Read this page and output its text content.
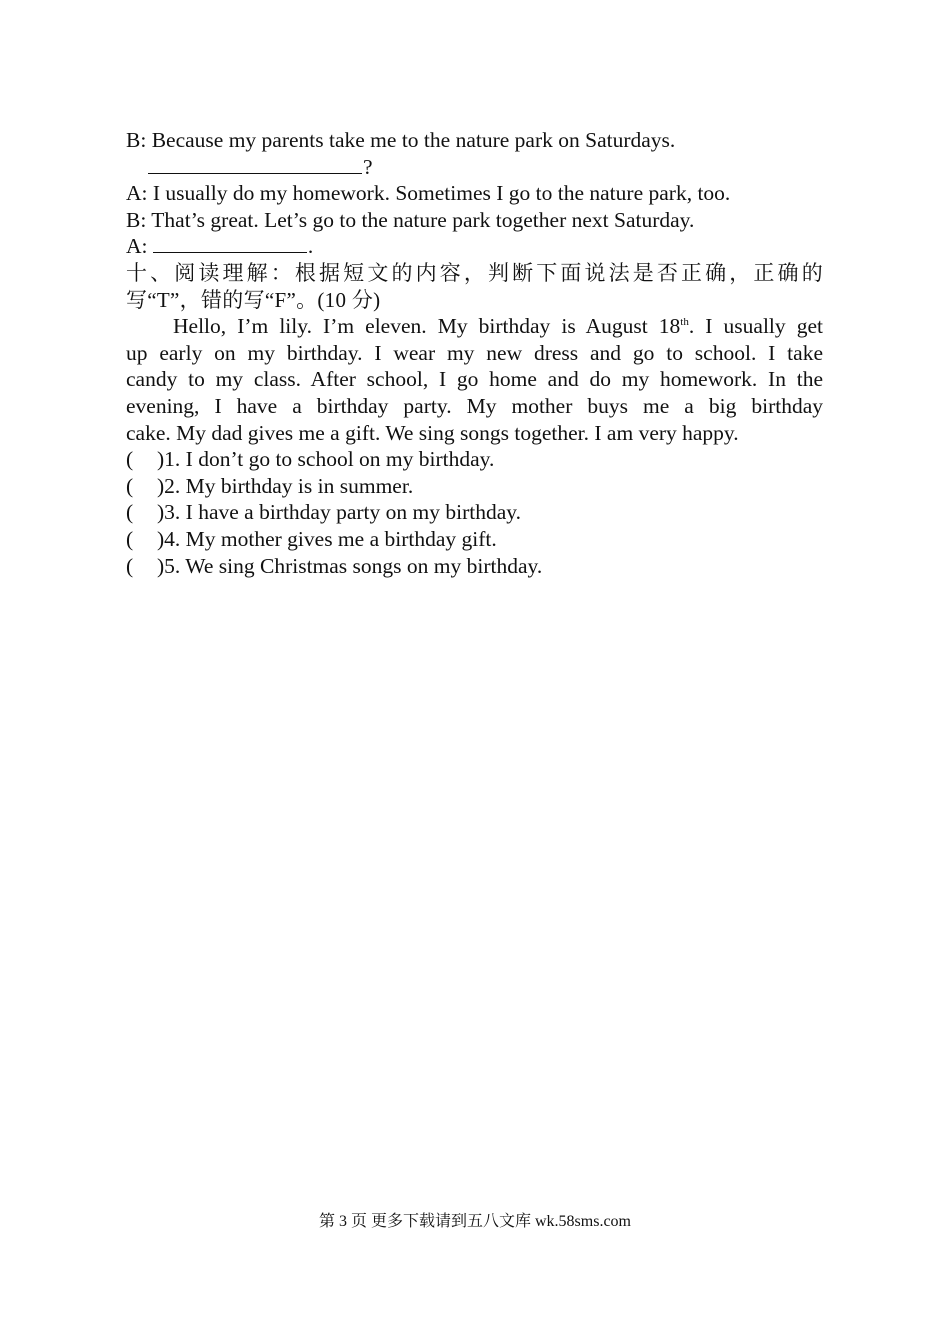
B: Because my parents take me to the nature park on Saturdays.
?
A: I usually do my homework. Sometimes I go to the nature park, too.
B: That’s great. Let’s go to the nature park together next Saturday.
A:	.
十、阅读理解：根据短文的内容，判断下面说法是否正确，正确的
写“T”，错的写“F”。(10 分)
Hello, I’m lily. I’m eleven. My birthday is August 18th. I usually get
up early on my birthday. I wear my new dress and go to school. I take
candy to my class. After school, I go home and do my homework. In the
evening, I have a birthday party. My mother buys me a big birthday
cake. My dad gives me a gift. We sing songs together. I am very happy.
( )1. I don’t go to school on my birthday.
( )2. My birthday is in summer.
( )3. I have a birthday party on my birthday.
( )4. My mother gives me a birthday gift.
( )5. We sing Christmas songs on my birthday.
第 3 页 更多下载请到五八文库 wk.58sms.com
